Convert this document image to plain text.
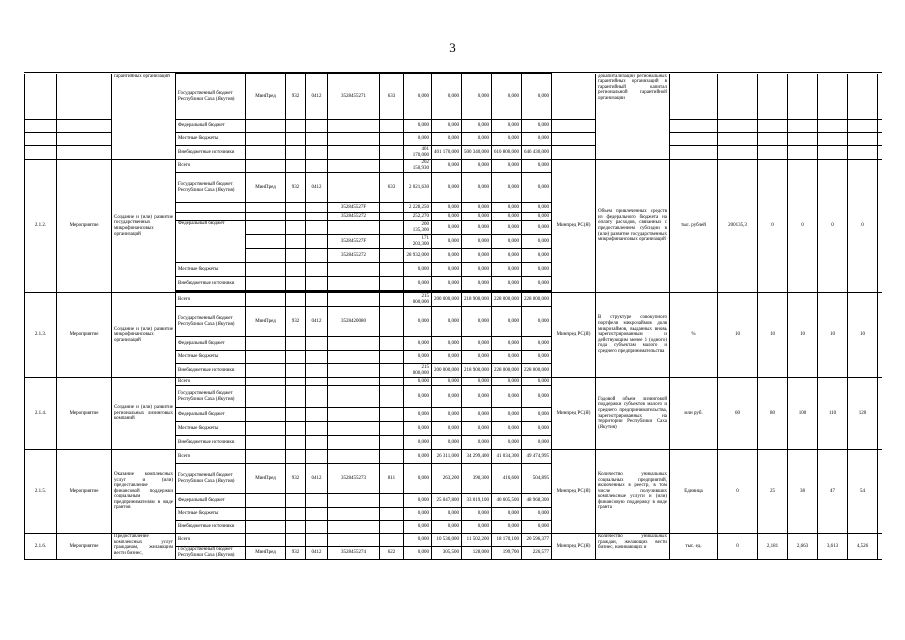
3
		гарантийных организаций	Государственный бюджет Республики Саха (Якутия)	МинПред	932	0412	3528455271	633	0,000	0,000	0,000	0,000	0,000		докапитализации региональных гарантийных организаций в гарантийный капитал региональной гарантийной организации							
			Федеральный бюджет						0,000	0,000	0,000	0,000	0,000									
			Местные бюджеты						0,000	0,000	0,000	0,000	0,000									
			Внебюджетные источники						401 170,000	401 170,000	500 340,000	610 800,000	646 430,000									
2.1.2.	Мероприятие	Создание и (или) развитие государственных микрофинансовых организаций	Всего						202 150,930	0,000	0,000	0,000	0,000	Минпред РС(Я)	Объем привлеченных средств из федерального бюджета на оплату расходов, связанных с предоставлением субсидии в (или) развитие государственных микрофинансовых организаций	тыс. рублей	200135,3	0	0	0	0	
			Государственный бюджет Республики Саха (Якутия)	МинПред	932	0412		633	2 021,630	0,000	0,000	0,000	0,000									
							352845527F		2 228,250	0,000	0,000	0,000	0,000									
							3528455272		252,270	0,000	0,000	0,000	0,000									
			Федеральный бюджет						200 135,300	0,000	0,000	0,000	0,000									
							352845527F		171 203,300	0,000	0,000	0,000	0,000									
							3528455272		28 932,000	0,000	0,000	0,000	0,000									
			Местные бюджеты						0,000	0,000	0,000	0,000	0,000									
			Внебюджетные источники						0,000	0,000	0,000	0,000	0,000									

2.1.3.	Мероприятие	Создание и (или) развитие микрофинансовых организаций	Всего						215 000,000	200 000,000	218 900,000	228 000,000	228 000,000	Минпред РС(Я)	В структуре совокупного портфеля микрозаймов доля микрозаймов, выданных вновь зарегистрированным и действующим менее 1 (одного) года субъектам малого и среднего предпринимательства	%	10	10	10	10	10	
			Государственный бюджет Республики Саха (Якутия)	МинПред	932	0412	3528420080		0,000	0,000	0,000	0,000	0,000									
			Федеральный бюджет						0,000	0,000	0,000	0,000	0,000									
			Местные бюджеты						0,000	0,000	0,000	0,000	0,000									
			Внебюджетные источники						215 000,000	200 000,000	218 900,000	228 000,000	228 000,000									
2.1.4.	Мероприятие	Создание и (или) развитие региональных лизинговых компаний	Всего						0,000	0,000	0,000	0,000	0,000	Минпред РС(Я)	Годовой объем лизинговой поддержки субъектов малого и среднего предпринимательства, зарегистрированных на территории Республики Саха (Якутия)	млн руб.	60	80	100	110	120	
			Государственный бюджет Республики Саха (Якутия)						0,000	0,000	0,000	0,000	0,000									
			Федеральный бюджет						0,000	0,000	0,000	0,000	0,000									
			Местные бюджеты						0,000	0,000	0,000	0,000	0,000									
			Внебюджетные источники						0,000	0,000	0,000	0,000	0,000									
2.1.5.	Мероприятие	Оказание комплексных услуг и (или) предоставление финансовой поддержки социальным предпринимателям в виде грантов	Всего						0,000	26 311,000	34 299,400	41 034,300	49 474,995	Минпред РС(Я)	Количество уникальных социальных предприятий, включенных в реестр, в том числе получивших комплексные услуги и (или) финансовую поддержку в виде гранта	Единица	0	25	38	47	54	
			Государственный бюджет Республики Саха (Якутия)	МинПред	932	0412	3528455273	811	0,000	263,200	390,300	416,600	504,895									
			Федеральный бюджет						0,000	25 047,800	33 019,100	40 605,500	48 968,300									
			Местные бюджеты						0,000	0,000	0,000	0,000	0,000									
			Внебюджетные источники						0,000	0,000	0,000	0,000	0,000									
2.1.6.	Мероприятие	Предоставление комплексных услуг гражданам, желающим вести бизнес,	Всего						0,000	10 536,000	11 502,200	18 170,100	20 596,377	Минпред РС(Я)	Количество уникальных граждан, желающих вести бизнес, начинающих и	тыс. ед.	0	2,181	2,663	3,613	4,526	
			Государственный бюджет Республики Саха (Якутия)	МинПред	932	0412	3528455274	622	0,000	305,500	128,000	199,700	226,577									
